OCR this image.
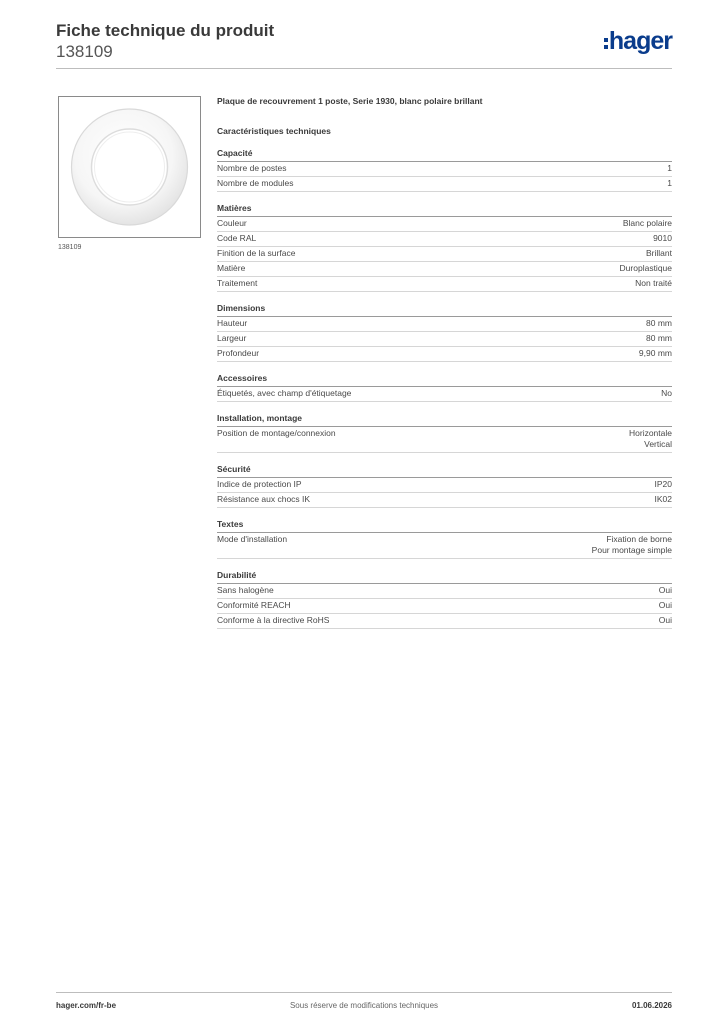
Fiche technique du produit
138109	hager
138109
Plaque de recouvrement 1 poste, Serie 1930, blanc polaire brillant
Caractéristiques techniques
Capacité
Nombre de postes	1
Nombre de modules	1
Matières
Couleur	Blanc polaire
Code RAL	9010
Finition de la surface	Brillant
Matière	Duroplastique
Traitement	Non traité
Dimensions
Hauteur	80 mm
Largeur	80 mm
Profondeur	9,90 mm
Accessoires
Étiquetés, avec champ d'étiquetage	No
Installation, montage
Position de montage/connexion	Horizontale
Vertical
Sécurité
Indice de protection IP	IP20
Résistance aux chocs IK	IK02
Textes
Mode d'installation	Fixation de borne
Pour montage simple
Durabilité
Sans halogène	Oui
Conformité REACH	Oui
Conforme à la directive RoHS	Oui
hager.com/fr-be	Sous réserve de modifications techniques	01.06.2026
